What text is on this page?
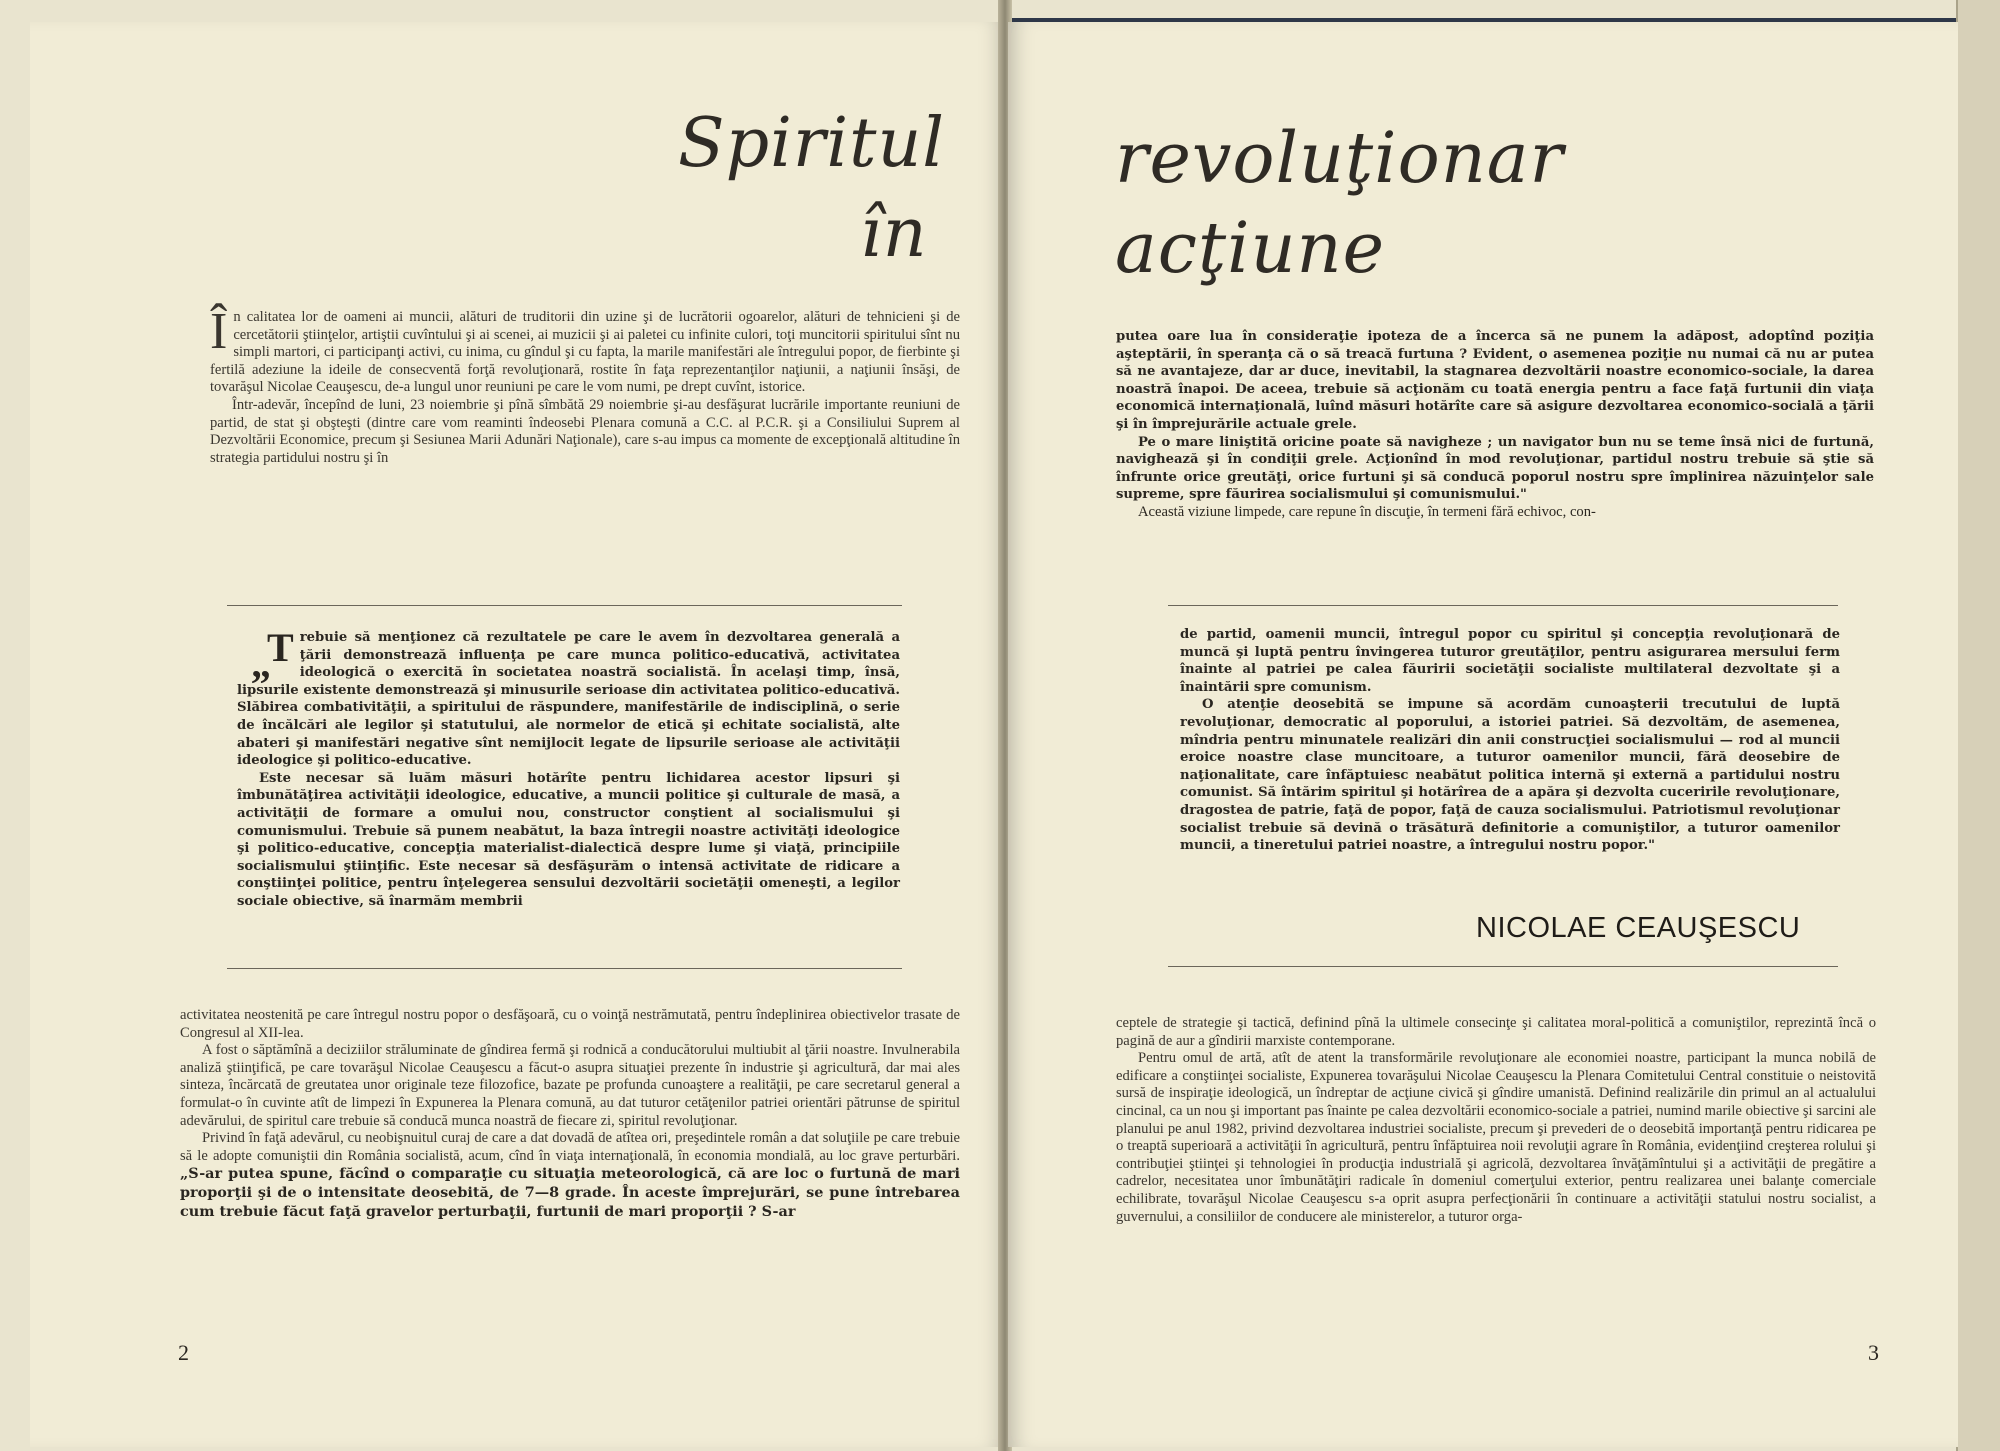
Spiritul
în
Î n calitatea lor de oameni ai muncii, alături de truditorii din uzine şi de lucrătorii ogoarelor, alături de tehnicieni şi de cercetătorii ştiinţelor, artiştii cuvîntului şi ai scenei, ai muzicii şi ai paletei cu infinite culori, toţi muncitorii spiritului sînt nu simpli martori, ci participanţi activi, cu inima, cu gîndul şi cu fapta, la marile manifestări ale întregului popor, de fierbinte şi fertilă adeziune la ideile de consecventă forţă revoluţionară, rostite în faţa reprezentanţilor naţiunii, a naţiunii însăşi, de tovarăşul Nicolae Ceauşescu, de-a lungul unor reuniuni pe care le vom numi, pe drept cuvînt, istorice.

Într-adevăr, începînd de luni, 23 noiembrie şi pînă sîmbătă 29 noiembrie şi-au desfăşurat lucrările importante reuniuni de partid, de stat şi obşteşti (dintre care vom reaminti îndeosebi Plenara comună a C.C. al P.C.R. şi a Consiliului Suprem al Dezvoltării Economice, precum şi Sesiunea Marii Adunări Naţionale), care s-au impus ca momente de excepţională altitudine în strategia partidului nostru şi în

„
T rebuie să menţionez că rezultatele pe care le avem în dezvoltarea generală a ţării demonstrează influenţa pe care munca politico-educativă, activitatea ideologică o exercită în societatea noastră socialistă. În acelaşi timp, însă, lipsurile existente demonstrează şi minusurile serioase din activitatea politico-educativă. Slăbirea combativităţii, a spiritului de răspundere, manifestările de indisciplină, o serie de încălcări ale legilor şi statutului, ale normelor de etică şi echitate socialistă, alte abateri şi manifestări negative sînt nemijlocit legate de lipsurile serioase ale activităţii ideologice şi politico-educative.

Este necesar să luăm măsuri hotărîte pentru lichidarea acestor lipsuri şi îmbunătăţirea activităţii ideologice, educative, a muncii politice şi culturale de masă, a activităţii de formare a omului nou, constructor conştient al socialismului şi comunismului. Trebuie să punem neabătut, la baza întregii noastre activităţi ideologice şi politico-educative, concepţia materialist-dialectică despre lume şi viaţă, principiile socialismului ştiinţific. Este necesar să desfăşurăm o intensă activitate de ridicare a conştiinţei politice, pentru înţelegerea sensului dezvoltării societăţii omeneşti, a legilor sociale obiective, să înarmăm membrii

activitatea neostenită pe care întregul nostru popor o desfăşoară, cu o voinţă nestrămutată, pentru îndeplinirea obiectivelor trasate de Congresul al XII-lea.

A fost o săptămînă a deciziilor străluminate de gîndirea fermă şi rodnică a conducătorului multiubit al ţării noastre. Invulnerabila analiză ştiinţifică, pe care tovarăşul Nicolae Ceauşescu a făcut-o asupra situaţiei prezente în industrie şi agricultură, dar mai ales sinteza, încărcată de greutatea unor originale teze filozofice, bazate pe profunda cunoaştere a realităţii, pe care secretarul general a formulat-o în cuvinte atît de limpezi în Expunerea la Plenara comună, au dat tuturor cetăţenilor patriei orientări pătrunse de spiritul adevărului, de spiritul care trebuie să conducă munca noastră de fiecare zi, spiritul revoluţionar.

Privind în faţă adevărul, cu neobişnuitul curaj de care a dat dovadă de atîtea ori, preşedintele român a dat soluţiile pe care trebuie să le adopte comuniştii din România socialistă, acum, cînd în viaţa internaţională, în economia mondială, au loc grave perturbări. „S-ar putea spune, făcînd o comparaţie cu situaţia meteorologică, că are loc o furtună de mari proporţii şi de o intensitate deosebită, de 7—8 grade. În aceste împrejurări, se pune întrebarea cum trebuie făcut faţă gravelor perturbaţii, furtunii de mari proporţii ? S-ar

2
revoluţionar
acţiune

putea oare lua în consideraţie ipoteza de a încerca să ne punem la adăpost, adoptînd poziţia aşteptării, în speranţa că o să treacă furtuna ? Evident, o asemenea poziţie nu numai că nu ar putea să ne avantajeze, dar ar duce, inevitabil, la stagnarea dezvoltării noastre economico-sociale, la darea noastră înapoi. De aceea, trebuie să acţionăm cu toată energia pentru a face faţă furtunii din viaţa economică internaţională, luînd măsuri hotărîte care să asigure dezvoltarea economico-socială a ţării şi în împrejurările actuale grele.

Pe o mare liniştită oricine poate să navigheze ; un navigator bun nu se teme însă nici de furtună, navighează şi în condiţii grele. Acţionînd în mod revoluţionar, partidul nostru trebuie să ştie să înfrunte orice greutăţi, orice furtuni şi să conducă poporul nostru spre împlinirea năzuinţelor sale supreme, spre făurirea socialismului şi comunismului."

Această viziune limpede, care repune în discuţie, în termeni fără echivoc, con-

de partid, oamenii muncii, întregul popor cu spiritul şi concepţia revoluţionară de muncă şi luptă pentru învingerea tuturor greutăţilor, pentru asigurarea mersului ferm înainte al patriei pe calea făuririi societăţii socialiste multilateral dezvoltate şi a înaintării spre comunism.

O atenţie deosebită se impune să acordăm cunoaşterii trecutului de luptă revoluţionar, democratic al poporului, a istoriei patriei. Să dezvoltăm, de asemenea, mîndria pentru minunatele realizări din anii construcţiei socialismului — rod al muncii eroice noastre clase muncitoare, a tuturor oamenilor muncii, fără deosebire de naţionalitate, care înfăptuiesc neabătut politica internă şi externă a partidului nostru comunist. Să întărim spiritul şi hotărîrea de a apăra şi dezvolta cuceririle revoluţionare, dragostea de patrie, faţă de popor, faţă de cauza socialismului. Patriotismul revoluţionar socialist trebuie să devină o trăsătură definitorie a comuniştilor, a tuturor oamenilor muncii, a tineretului patriei noastre, a întregului nostru popor."

NICOLAE CEAUŞESCU

ceptele de strategie şi tactică, definind pînă la ultimele consecinţe şi calitatea moral-politică a comuniştilor, reprezintă încă o pagină de aur a gîndirii marxiste contemporane.

Pentru omul de artă, atît de atent la transformările revoluţionare ale economiei noastre, participant la munca nobilă de edificare a conştiinţei socialiste, Expunerea tovarăşului Nicolae Ceauşescu la Plenara Comitetului Central constituie o neistovită sursă de inspiraţie ideologică, un îndreptar de acţiune civică şi gîndire umanistă. Definind realizările din primul an al actualului cincinal, ca un nou şi important pas înainte pe calea dezvoltării economico-sociale a patriei, numind marile obiective şi sarcini ale planului pe anul 1982, privind dezvoltarea industriei socialiste, precum şi prevederi de o deosebită importanţă pentru ridicarea pe o treaptă superioară a activităţii în agricultură, pentru înfăptuirea noii revoluţii agrare în România, evidenţiind creşterea rolului şi contribuţiei ştiinţei şi tehnologiei în producţia industrială şi agricolă, dezvoltarea învăţămîntului şi a activităţii de pregătire a cadrelor, necesitatea unor îmbunătăţiri radicale în domeniul comerţului exterior, pentru realizarea unei balanţe comerciale echilibrate, tovarăşul Nicolae Ceauşescu s-a oprit asupra perfecţionării în continuare a activităţii statului nostru socialist, a guvernului, a consiliilor de conducere ale ministerelor, a tuturor orga-

3
